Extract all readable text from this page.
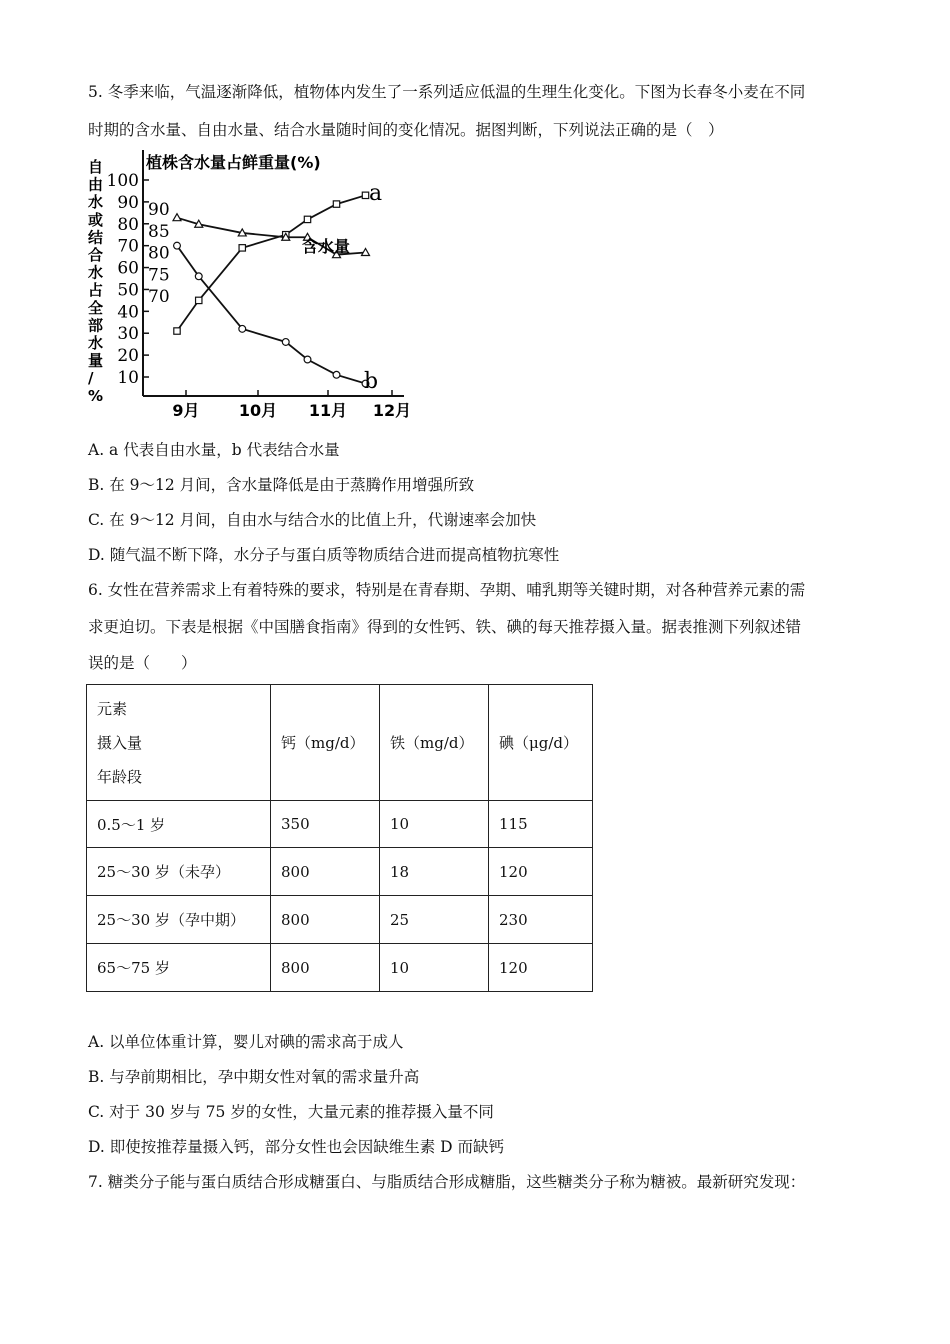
5. 冬季来临，气温逐渐降低，植物体内发生了一系列适应低温的生理生化变化。下图为长春冬小麦在不同
时期的含水量、自由水量、结合水量随时间的变化情况。据图判断，下列说法正确的是（　）
自由水或结合水占全部水量/ %
植株含水量占鲜重量(%)
100
90
80
70
60
50
40
30
20
10
90
85
80
75
70
9月 10月 11月 12月
a
b
含水量
A. a 代表自由水量，b 代表结合水量
B. 在 9～12 月间，含水量降低是由于蒸腾作用增强所致
C. 在 9～12 月间，自由水与结合水的比值上升，代谢速率会加快
D. 随气温不断下降，水分子与蛋白质等物质结合进而提高植物抗寒性
6. 女性在营养需求上有着特殊的要求，特别是在青春期、孕期、哺乳期等关键时期，对各种营养元素的需
求更迫切。下表是根据《中国膳食指南》得到的女性钙、铁、碘的每天推荐摄入量。据表推测下列叙述错
误的是（　　）
元素
摄入量
年龄段	钙（mg/d）	铁（mg/d）	碘（μg/d）
0.5～1 岁	350	10	115
25～30 岁（未孕）	800	18	120
25～30 岁（孕中期）	800	25	230
65～75 岁	800	10	120
A. 以单位体重计算，婴儿对碘的需求高于成人
B. 与孕前期相比，孕中期女性对氧的需求量升高
C. 对于 30 岁与 75 岁的女性，大量元素的推荐摄入量不同
D. 即使按推荐量摄入钙，部分女性也会因缺维生素 D 而缺钙
7. 糖类分子能与蛋白质结合形成糖蛋白、与脂质结合形成糖脂，这些糖类分子称为糖被。最新研究发现：
